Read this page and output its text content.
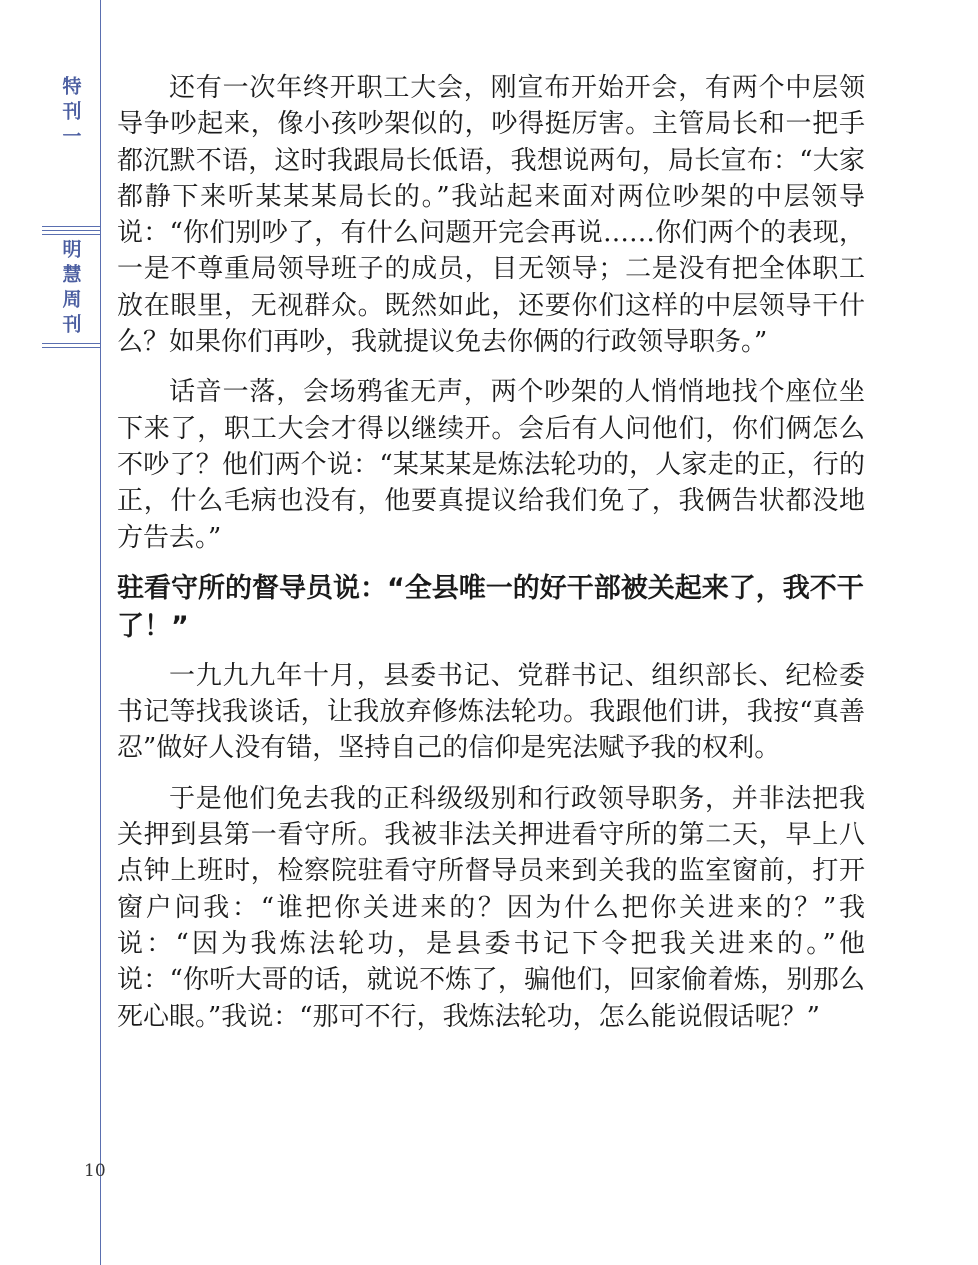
特刊一
明慧周刊

还有一次年终开职工大会，刚宣布开始开会，有两个中层领导争吵起来，像小孩吵架似的，吵得挺厉害。主管局长和一把手都沉默不语，这时我跟局长低语，我想说两句，局长宣布：“大家都静下来听某某某局长的。”我站起来面对两位吵架的中层领导说：“你们别吵了，有什么问题开完会再说……你们两个的表现，一是不尊重局领导班子的成员，目无领导；二是没有把全体职工放在眼里，无视群众。既然如此，还要你们这样的中层领导干什么？如果你们再吵，我就提议免去你俩的行政领导职务。”

话音一落，会场鸦雀无声，两个吵架的人悄悄地找个座位坐下来了，职工大会才得以继续开。会后有人问他们，你们俩怎么不吵了？他们两个说：“某某某是炼法轮功的，人家走的正，行的正，什么毛病也没有，他要真提议给我们免了，我俩告状都没地方告去。”

驻看守所的督导员说：“全县唯一的好干部被关起来了，我不干了！”

一九九九年十月，县委书记、党群书记、组织部长、纪检委书记等找我谈话，让我放弃修炼法轮功。我跟他们讲，我按“真善忍”做好人没有错，坚持自己的信仰是宪法赋予我的权利。

于是他们免去我的正科级级别和行政领导职务，并非法把我关押到县第一看守所。我被非法关押进看守所的第二天，早上八点钟上班时，检察院驻看守所督导员来到关我的监室窗前，打开窗户问我：“谁把你关进来的？因为什么把你关进来的？”我说：“因为我炼法轮功，是县委书记下令把我关进来的。”他说：“你听大哥的话，就说不炼了，骗他们，回家偷着炼，别那么死心眼。”我说：“那可不行，我炼法轮功，怎么能说假话呢？”

10
